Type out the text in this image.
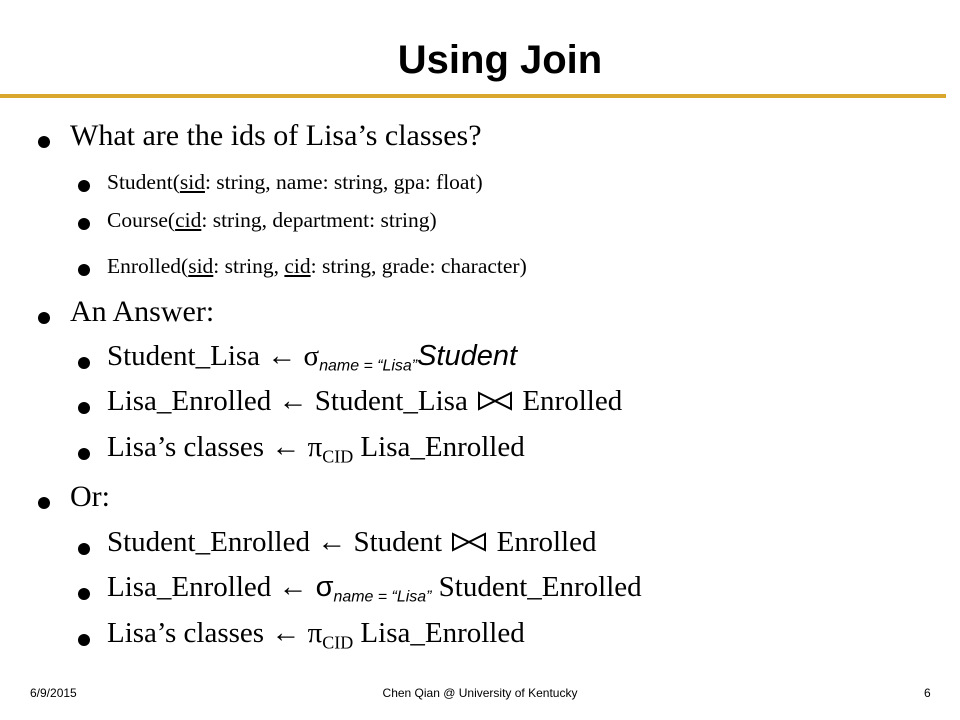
Using Join
What are the ids of Lisa’s classes?
Student(sid: string, name: string, gpa: float)
Course(cid: string, department: string)
Enrolled(sid: string, cid: string, grade: character)
An Answer:
Student_Lisa ← σname = “Lisa”Student
Lisa_Enrolled ← Student_Lisa Enrolled
Lisa’s classes ← $\pi_{CID}$ Lisa_Enrolled
Or:
Student_Enrolled ← Student Enrolled
Lisa_Enrolled ← σname = “Lisa” Student_Enrolled
Lisa’s classes ← $\pi_{CID}$ Lisa_Enrolled
6/9/2015	Chen Qian @ University of Kentucky	6
